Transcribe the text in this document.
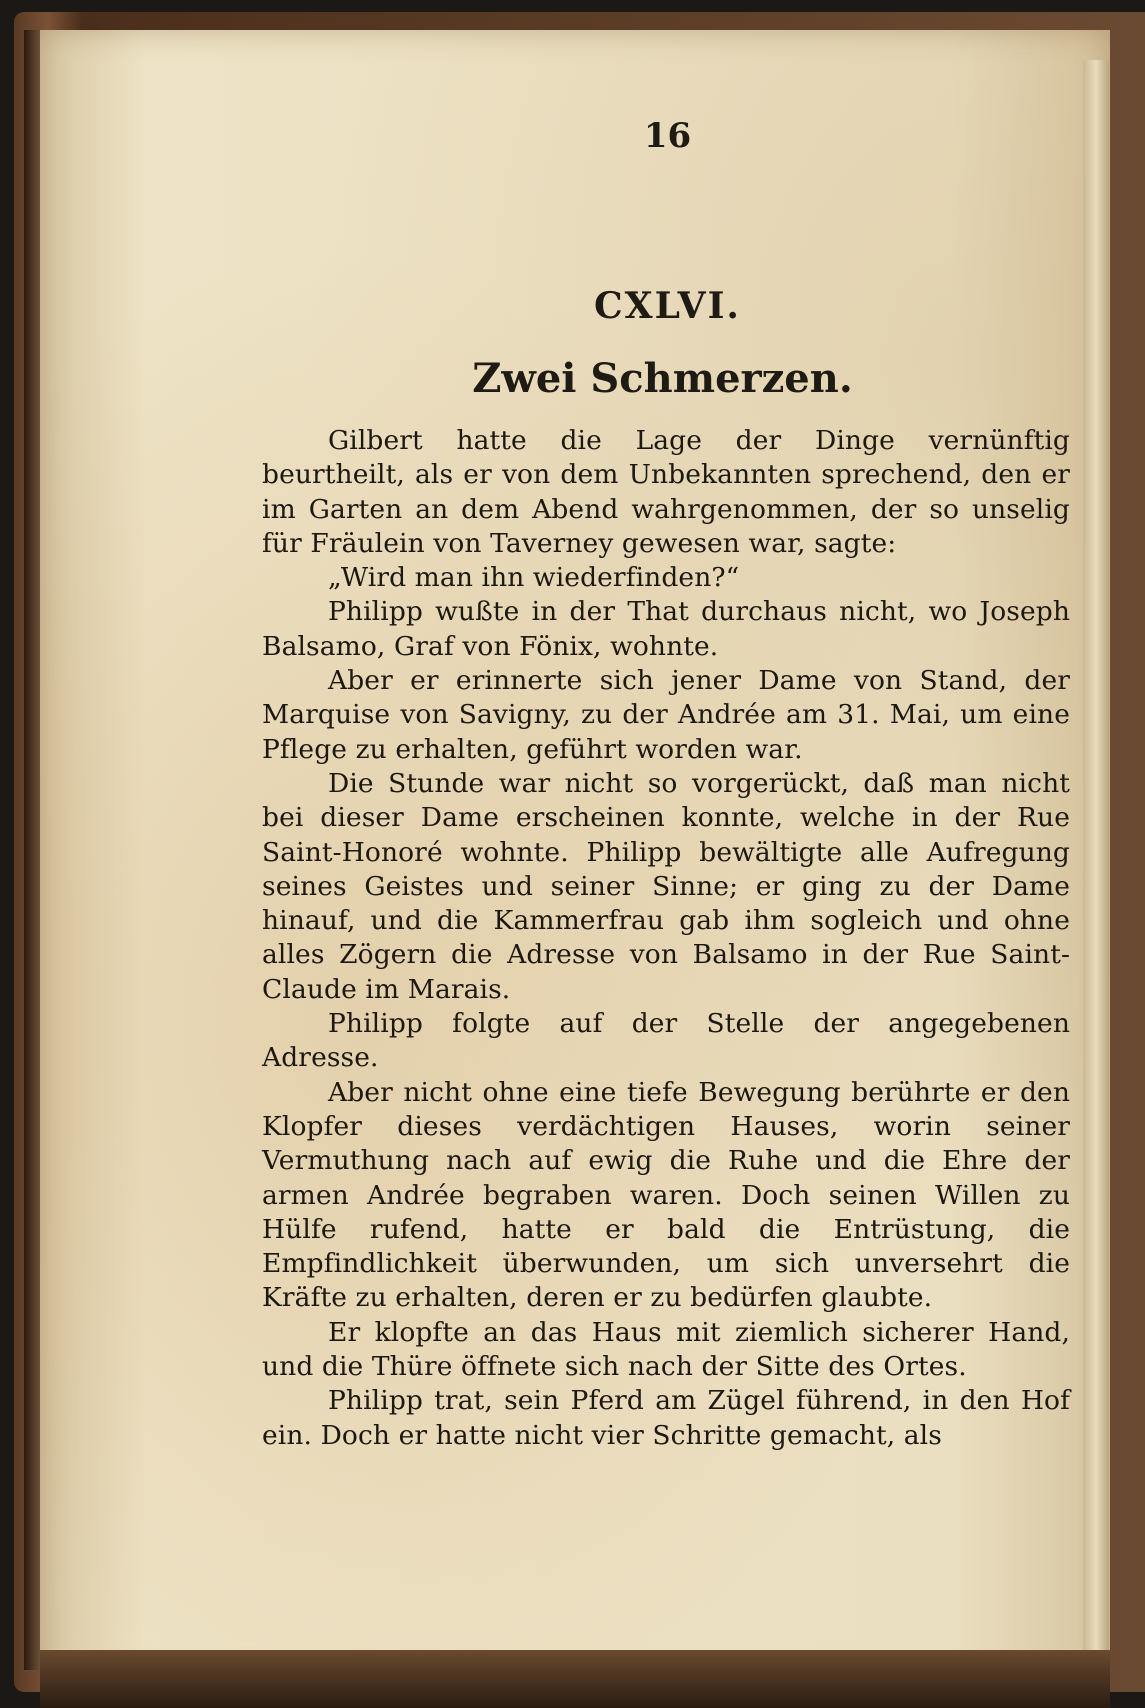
16
CXLVI.
Zwei Schmerzen.

Gilbert hatte die Lage der Dinge vernünftig beurtheilt, als er von dem Unbekannten sprechend, den er im Garten an dem Abend wahrgenommen, der so unselig für Fräulein von Taverney gewesen war, sagte:

„Wird man ihn wiederfinden?“

Philipp wußte in der That durchaus nicht, wo Joseph Balsamo, Graf von Fönix, wohnte.

Aber er erinnerte sich jener Dame von Stand, der Marquise von Savigny, zu der Andrée am 31. Mai, um eine Pflege zu erhalten, geführt worden war.

Die Stunde war nicht so vorgerückt, daß man nicht bei dieser Dame erscheinen konnte, welche in der Rue Saint-Honoré wohnte. Philipp bewältigte alle Aufregung seines Geistes und seiner Sinne; er ging zu der Dame hinauf, und die Kammerfrau gab ihm sogleich und ohne alles Zögern die Adresse von Balsamo in der Rue Saint-Claude im Marais.

Philipp folgte auf der Stelle der angegebenen Adresse.

Aber nicht ohne eine tiefe Bewegung berührte er den Klopfer dieses verdächtigen Hauses, worin seiner Vermuthung nach auf ewig die Ruhe und die Ehre der armen Andrée begraben waren. Doch seinen Willen zu Hülfe rufend, hatte er bald die Entrüstung, die Empfindlichkeit überwunden, um sich unversehrt die Kräfte zu erhalten, deren er zu bedürfen glaubte.

Er klopfte an das Haus mit ziemlich sicherer Hand, und die Thüre öffnete sich nach der Sitte des Ortes.

Philipp trat, sein Pferd am Zügel führend, in den Hof ein. Doch er hatte nicht vier Schritte gemacht, als
